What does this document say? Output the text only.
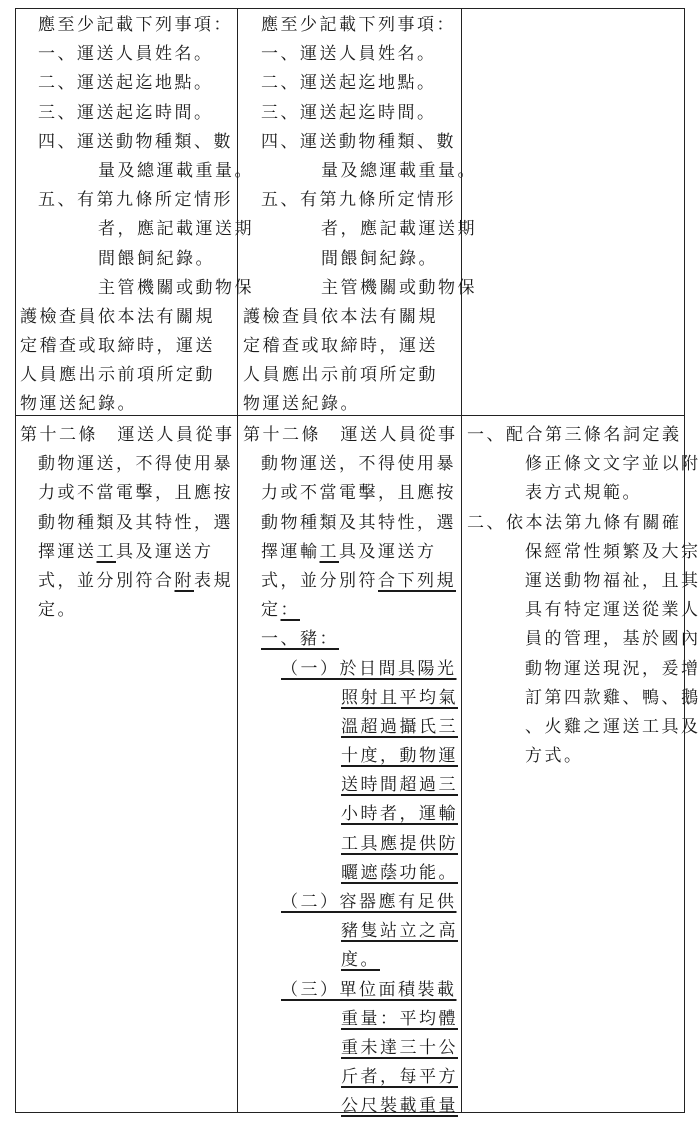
應至少記載下列事項：
一、運送人員姓名。
二、運送起迄地點。
三、運送起迄時間。
四、運送動物種類、數
量及總運載重量。
五、有第九條所定情形
者，應記載運送期
間餵飼紀錄。
主管機關或動物保
護檢查員依本法有關規
定稽查或取締時，運送
人員應出示前項所定動
物運送紀錄。
應至少記載下列事項：
一、運送人員姓名。
二、運送起迄地點。
三、運送起迄時間。
四、運送動物種類、數
量及總運載重量。
五、有第九條所定情形
者，應記載運送期
間餵飼紀錄。
主管機關或動物保
護檢查員依本法有關規
定稽查或取締時，運送
人員應出示前項所定動
物運送紀錄。
第十二條　運送人員從事
動物運送，不得使用暴
力或不當電擊，且應按
動物種類及其特性，選
擇運送工具及運送方
式，並分別符合附表規
定。
第十二條　運送人員從事
動物運送，不得使用暴
力或不當電擊，且應按
動物種類及其特性，選
擇運輸工具及運送方
式，並分別符合下列規
定：
一、豬：
（一）於日間具陽光
照射且平均氣
溫超過攝氏三
十度，動物運
送時間超過三
小時者，運輸
工具應提供防
曬遮蔭功能。
（二）容器應有足供
豬隻站立之高
度。
（三）單位面積裝載
重量：平均體
重未達三十公
斤者，每平方
公尺裝載重量
一、配合第三條名詞定義
修正條文文字並以附
表方式規範。
二、依本法第九條有關確
保經常性頻繁及大宗
運送動物福祉，且其
具有特定運送從業人
員的管理，基於國內
動物運送現況，爰增
訂第四款雞、鴨、鵝
、火雞之運送工具及
方式。
